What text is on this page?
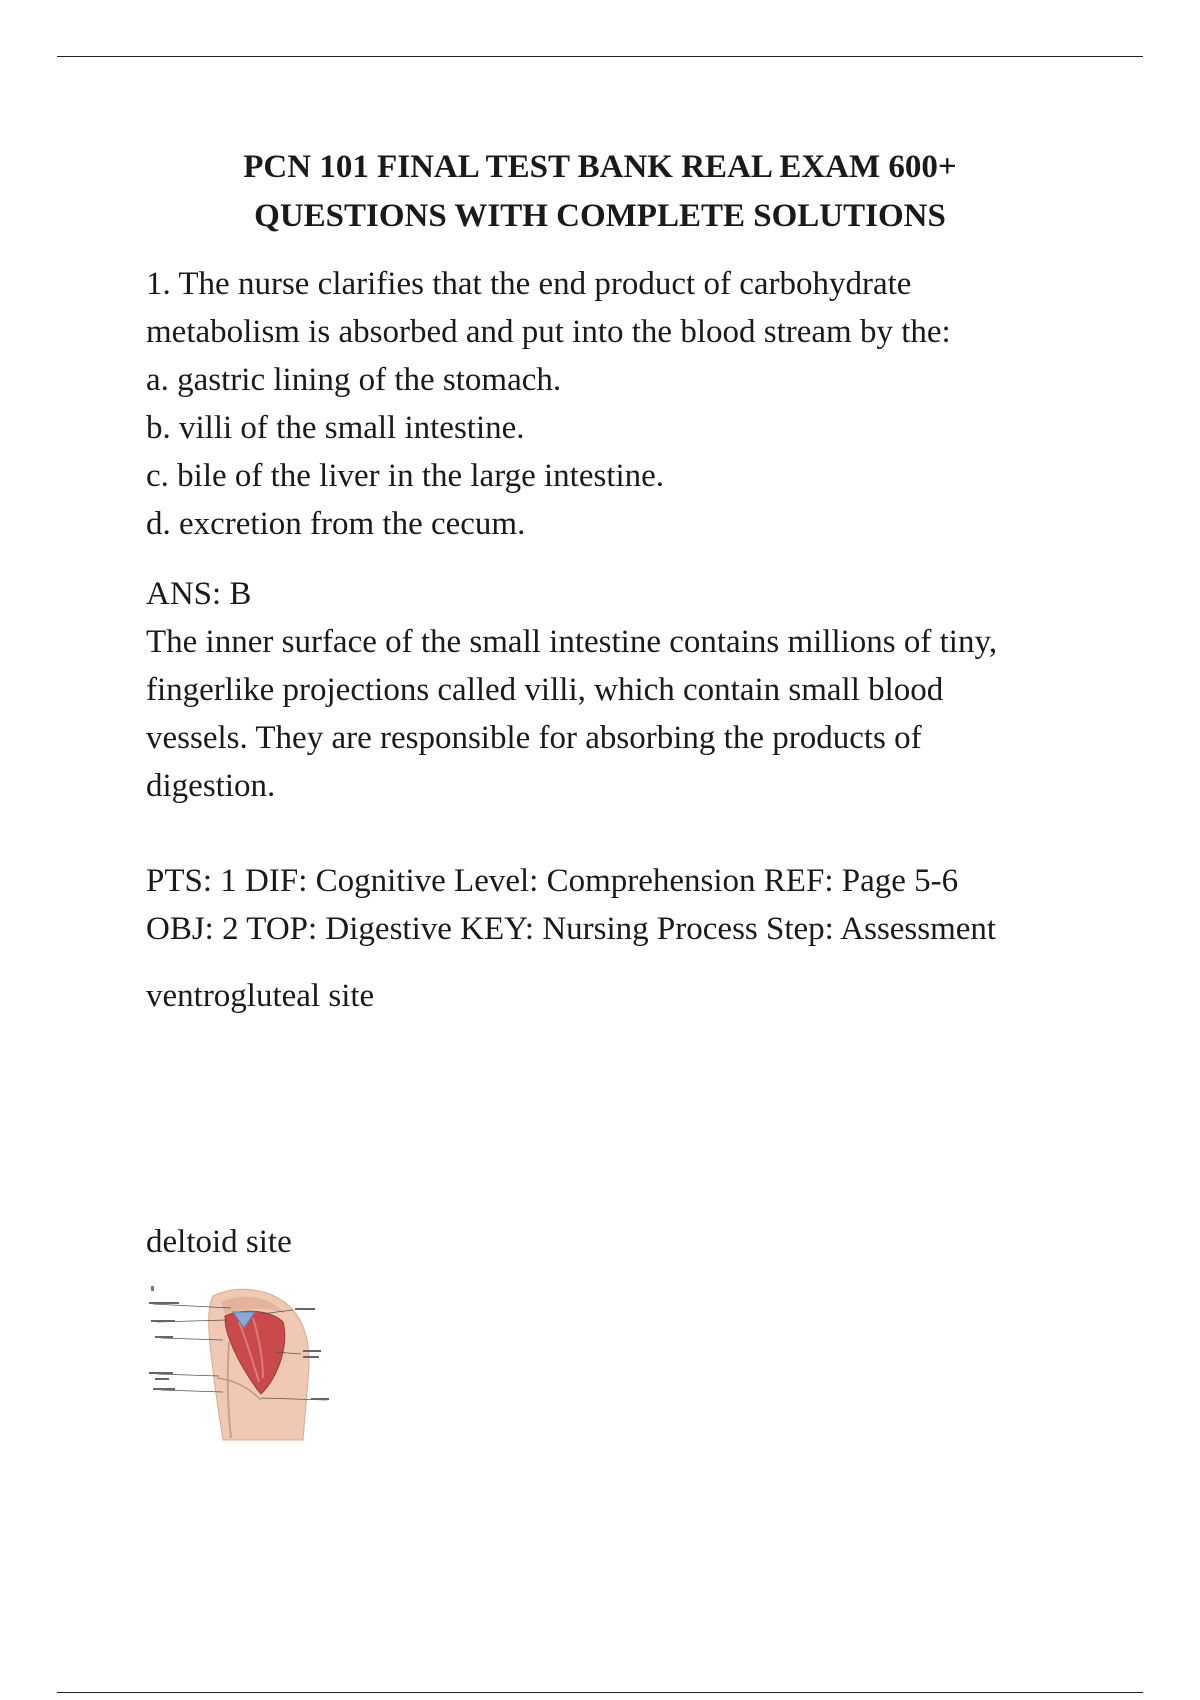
PCN 101 FINAL TEST BANK REAL EXAM 600+
QUESTIONS WITH COMPLETE SOLUTIONS
1. The nurse clarifies that the end product of carbohydrate
metabolism is absorbed and put into the blood stream by the:
a. gastric lining of the stomach.
b. villi of the small intestine.
c. bile of the liver in the large intestine.
d. excretion from the cecum.
ANS: B
The inner surface of the small intestine contains millions of tiny,
fingerlike projections called villi, which contain small blood
vessels. They are responsible for absorbing the products of
digestion.
PTS: 1 DIF: Cognitive Level: Comprehension REF: Page 5-6
OBJ: 2 TOP: Digestive KEY: Nursing Process Step: Assessment
ventrogluteal site
deltoid site
